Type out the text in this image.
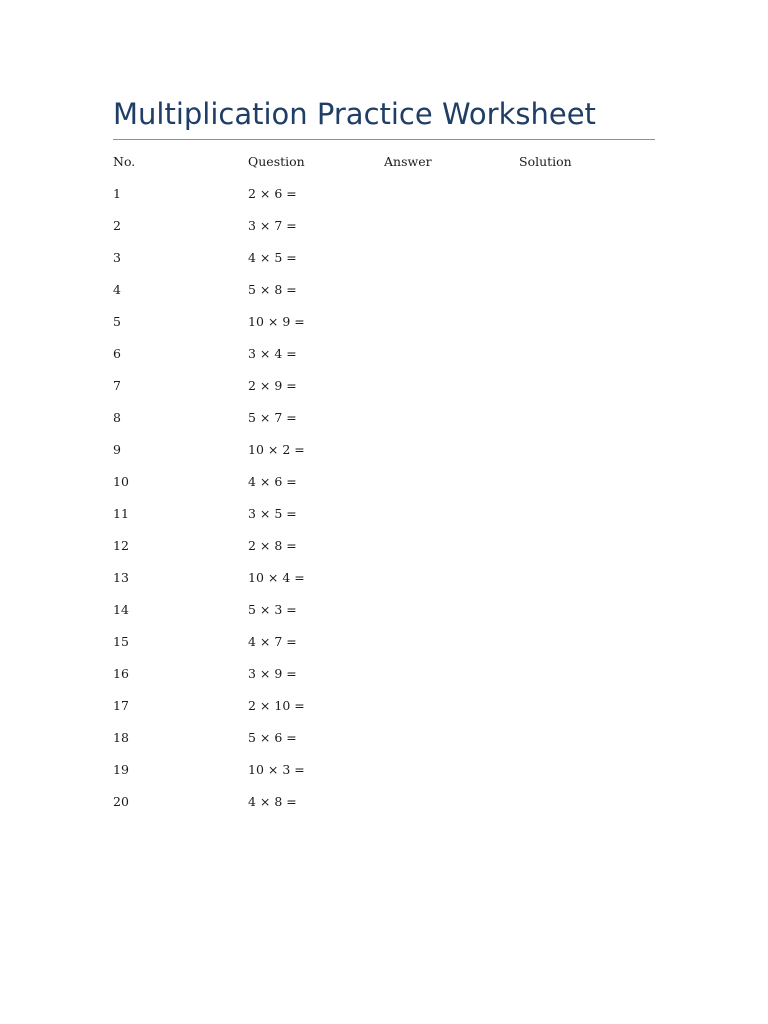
Multiplication Practice Worksheet
No.	Question	Answer	Solution
1	2 × 6 =		
2	3 × 7 =		
3	4 × 5 =		
4	5 × 8 =		
5	10 × 9 =		
6	3 × 4 =		
7	2 × 9 =		
8	5 × 7 =		
9	10 × 2 =		
10	4 × 6 =		
11	3 × 5 =		
12	2 × 8 =		
13	10 × 4 =		
14	5 × 3 =		
15	4 × 7 =		
16	3 × 9 =		
17	2 × 10 =		
18	5 × 6 =		
19	10 × 3 =		
20	4 × 8 =		
